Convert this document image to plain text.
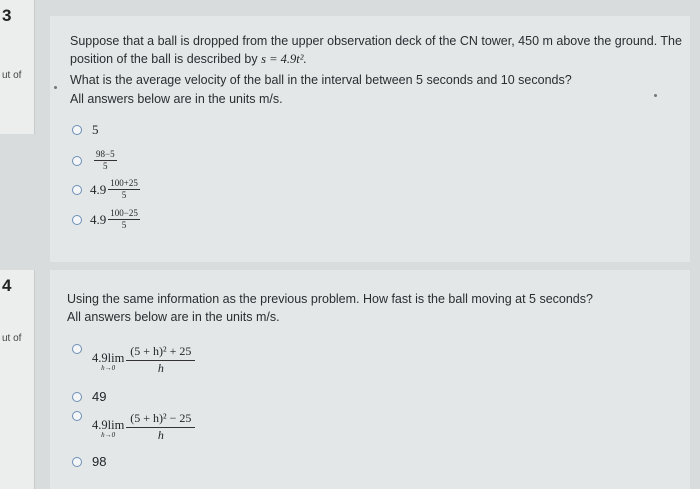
3
ut of
Suppose that a ball is dropped from the upper observation deck of the CN tower, 450 m above the ground. The
position of the ball is described by s = 4.9t².
What is the average velocity of the ball in the interval between 5 seconds and 10 seconds?
All answers below are in the units m/s.
5
$\frac{98-5}{5}$
$4.9 \frac{100+25}{5}$
$4.9 \frac{100-25}{5}$
4
ut of
Using the same information as the previous problem. How fast is the ball moving at 5 seconds?
All answers below are in the units m/s.
4.9lim
$h\to 0 \frac{\text{(5 + h)² + 25}}{h}$
49
4.9lim
$h\to 0 \frac{\text{(5 + h)² − 25}}{h}$
98
